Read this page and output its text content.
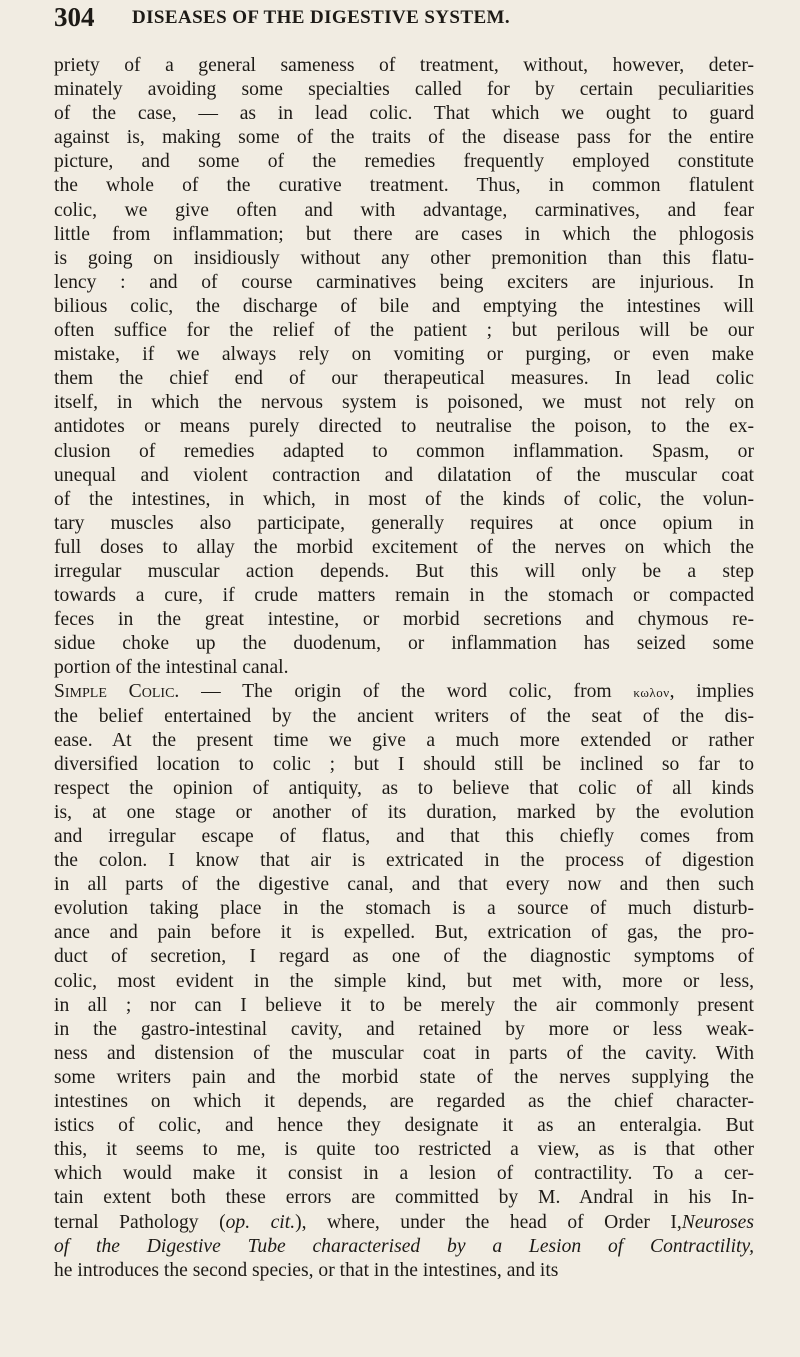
304 DISEASES OF THE DIGESTIVE SYSTEM.
priety of a general sameness of treatment, without, however, deter-
minately avoiding some specialties called for by certain peculiarities
of the case, — as in lead colic. That which we ought to guard
against is, making some of the traits of the disease pass for the entire
picture, and some of the remedies frequently employed constitute
the whole of the curative treatment. Thus, in common flatulent
colic, we give often and with advantage, carminatives, and fear
little from inflammation; but there are cases in which the phlogosis
is going on insidiously without any other premonition than this flatu-
lency : and of course carminatives being exciters are injurious. In
bilious colic, the discharge of bile and emptying the intestines will
often suffice for the relief of the patient ; but perilous will be our
mistake, if we always rely on vomiting or purging, or even make
them the chief end of our therapeutical measures. In lead colic
itself, in which the nervous system is poisoned, we must not rely on
antidotes or means purely directed to neutralise the poison, to the ex-
clusion of remedies adapted to common inflammation. Spasm, or
unequal and violent contraction and dilatation of the muscular coat
of the intestines, in which, in most of the kinds of colic, the volun-
tary muscles also participate, generally requires at once opium in
full doses to allay the morbid excitement of the nerves on which the
irregular muscular action depends. But this will only be a step
towards a cure, if crude matters remain in the stomach or compacted
feces in the great intestine, or morbid secretions and chymous re-
sidue choke up the duodenum, or inflammation has seized some
portion of the intestinal canal.
Simple Colic. — The origin of the word colic, from κωλον, implies
the belief entertained by the ancient writers of the seat of the dis-
ease. At the present time we give a much more extended or rather
diversified location to colic ; but I should still be inclined so far to
respect the opinion of antiquity, as to believe that colic of all kinds
is, at one stage or another of its duration, marked by the evolution
and irregular escape of flatus, and that this chiefly comes from
the colon. I know that air is extricated in the process of digestion
in all parts of the digestive canal, and that every now and then such
evolution taking place in the stomach is a source of much disturb-
ance and pain before it is expelled. But, extrication of gas, the pro-
duct of secretion, I regard as one of the diagnostic symptoms of
colic, most evident in the simple kind, but met with, more or less,
in all ; nor can I believe it to be merely the air commonly present
in the gastro-intestinal cavity, and retained by more or less weak-
ness and distension of the muscular coat in parts of the cavity. With
some writers pain and the morbid state of the nerves supplying the
intestines on which it depends, are regarded as the chief character-
istics of colic, and hence they designate it as an enteralgia. But
this, it seems to me, is quite too restricted a view, as is that other
which would make it consist in a lesion of contractility. To a cer-
tain extent both these errors are committed by M. Andral in his In-
ternal Pathology (op. cit.), where, under the head of Order I,Neuroses
of the Digestive Tube characterised by a Lesion of Contractility,
he introduces the second species, or that in the intestines, and its
